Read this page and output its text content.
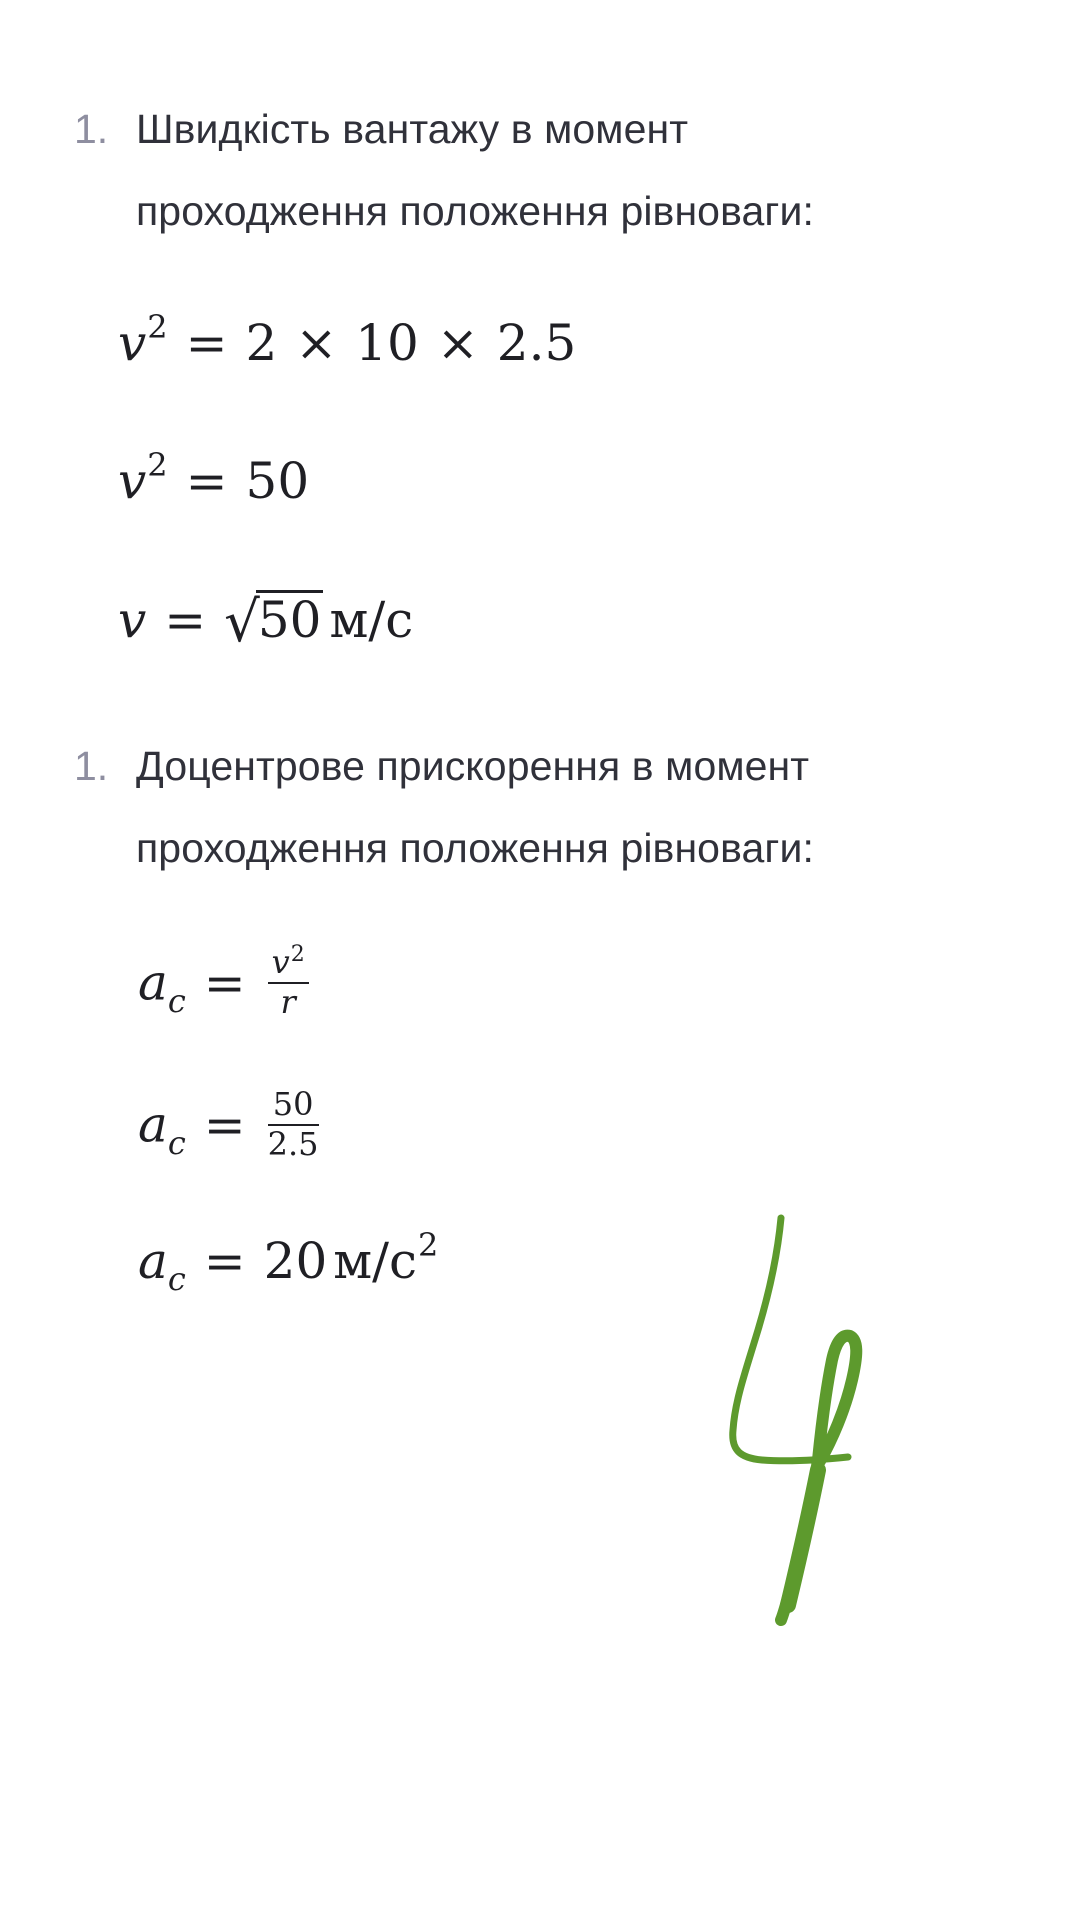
1. Швидкість вантажу в момент
проходження положення рівноваги:
$v^2 = 2 \times 10 \times 2.5$
$v^2 = 50$
v = √50 м/с
1. Доцентрове прискорення в момент
проходження положення рівноваги:
$a_c = \frac{v^2}{r}$
$a_c = \frac{50}{2.5}$
$a_c = 20$ $м/с^2$
